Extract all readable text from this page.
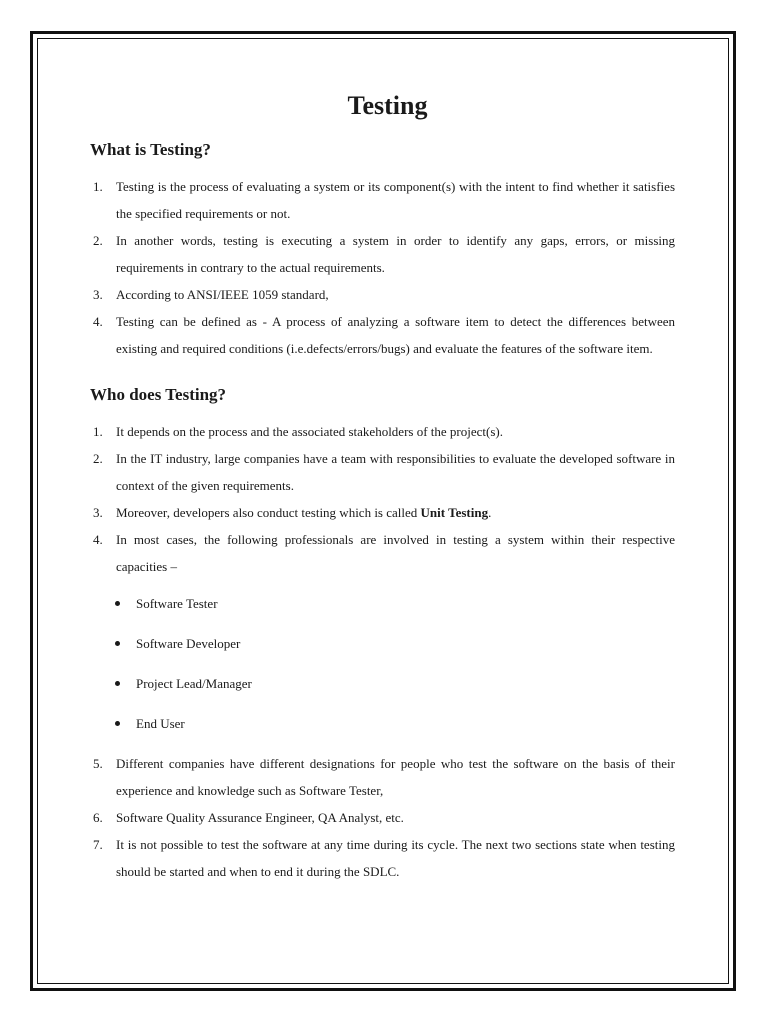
Testing
What is Testing?
1. Testing is the process of evaluating a system or its component(s) with the intent to find whether it satisfies the specified requirements or not.
2. In another words, testing is executing a system in order to identify any gaps, errors, or missing requirements in contrary to the actual requirements.
3. According to ANSI/IEEE 1059 standard,
4. Testing can be defined as - A process of analyzing a software item to detect the differences between existing and required conditions (i.e.defects/errors/bugs) and evaluate the features of the software item.
Who does Testing?
1. It depends on the process and the associated stakeholders of the project(s).
2. In the IT industry, large companies have a team with responsibilities to evaluate the developed software in context of the given requirements.
3. Moreover, developers also conduct testing which is called Unit Testing.
4. In most cases, the following professionals are involved in testing a system within their respective capacities –
Software Tester
Software Developer
Project Lead/Manager
End User
5. Different companies have different designations for people who test the software on the basis of their experience and knowledge such as Software Tester,
6. Software Quality Assurance Engineer, QA Analyst, etc.
7. It is not possible to test the software at any time during its cycle. The next two sections state when testing should be started and when to end it during the SDLC.
